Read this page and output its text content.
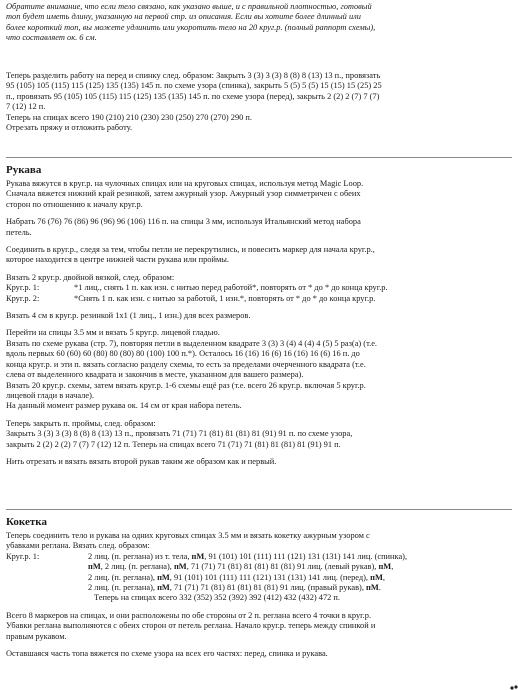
Обратите внимание, что если тело связано, как указано выше, и с правильной плотностью, готовый

топ будет иметь длину, указанную на первой стр. из описания. Если вы хотите более длинный или

более короткий топ, вы можете удлинить или укоротить тело на 20 круг.р. (полный раппорт схемы),

что составляет ок. 6 см.

Теперь разделить работу на перед и спинку след. образом: Закрыть 3 (3) 3 (3) 8 (8) 8 (13) 13 п., провязать

95 (105) 105 (115) 115 (125) 135 (135) 145 п. по схеме узора (спинка), закрыть 5 (5) 5 (5) 15 (15) 15 (25) 25

п., провязать 95 (105) 105 (115) 115 (125) 135 (135) 145 п. по схеме узора (перед), закрыть 2 (2) 2 (7) 7 (7)

7 (12) 12 п.

Теперь на спицах всего 190 (210) 210 (230) 230 (250) 270 (270) 290 п.

Отрезать пряжу и отложить работу.

Рукава

Рукава вяжутся в круг.р. на чулочных спицах или на круговых спицах, используя метод Magic Loop.

Сначала вяжется нижний край резинкой, затем ажурный узор. Ажурный узор симметричен с обеих

сторон по отношению к началу круг.р.

Набрать 76 (76) 76 (86) 96 (96) 96 (106) 116 п. на спицы 3 мм, используя Итальянский метод набора

петель.

Соединить в круг.р., следя за тем, чтобы петли не перекрутились, и повесить маркер для начала круг.р.,

которое находится в центре нижней части рукава или проймы.

Вязать 2 круг.р. двойной вязкой, след. образом:

Круг.р. 1:	*1 лиц., снять 1 п. как изн. с нитью перед работой*, повторять от * до * до конца круг.р.
Круг.р. 2:	*Снять 1 п. как изн. с нитью за работой, 1 изн.*, повторять от * до * до конца круг.р.

Вязать 4 см в круг.р. резинкой 1х1 (1 лиц., 1 изн.) для всех размеров.

Перейти на спицы 3.5 мм и вязать 5 круг.р. лицевой гладью.

Вязать по схеме рукава (стр. 7), повторяя петли в выделенном квадрате 3 (3) 3 (4) 4 (4) 4 (5) 5 раз(а) (т.е.

вдоль первых 60 (60) 60 (80) 80 (80) 80 (100) 100 п.*). Осталось 16 (16) 16 (6) 16 (16) 16 (6) 16 п. до

конца круг.р. и эти п. вязать согласно разделу схемы, то есть за пределами очерченного квадрата (т.е.

слева от выделенного квадрата и закончив в месте, указанном для вашего размера).

Вязать 20 круг.р. схемы, затем вязать круг.р. 1-6 схемы ещё раз (т.е. всего 26 круг.р. включая 5 круг.р.

лицевой глади в начале).

На данный момент размер рукава ок. 14 см от края набора петель.

Теперь закрыть п. проймы, след. образом:

Закрыть 3 (3) 3 (3) 8 (8) 8 (13) 13 п., провязать 71 (71) 71 (81) 81 (81) 81 (91) 91 п. по схеме узора,

закрыть 2 (2) 2 (2) 7 (7) 7 (12) 12 п. Теперь на спицах всего 71 (71) 71 (81) 81 (81) 81 (91) 91 п.

Нить отрезать и вязать вязать второй рукав таким же образом как и первый.

Кокетка

Теперь соединить тело и рукава на одних круговых спицах 3.5 мм и вязать кокетку ажурным узором с

убавками реглана. Вязать след. образом:

Круг.р. 1:	2 лиц. (п. реглана) из т. тела, пМ, 91 (101) 101 (111) 111 (121) 131 (131) 141 лиц. (спинка),

пМ, 2 лиц. (п. реглана), пМ, 71 (71) 71 (81) 81 (81) 81 (81) 91 лиц. (левый рукав), пМ,

2 лиц. (п. реглана), пМ, 91 (101) 101 (111) 111 (121) 131 (131) 141 лиц. (перед), пМ,

2 лиц. (п. реглана), пМ, 71 (71) 71 (81) 81 (81) 81 (81) 91 лиц. (правый рукав), пМ.

Теперь на спицах всего 332 (352) 352 (392) 392 (412) 432 (432) 472 п.

Всего 8 маркеров на спицах, и они расположены по обе стороны от 2 п. реглана всего 4 точки в круг.р.

Убавки реглана выполняются с обеих сторон от петель реглана. Начало круг.р. теперь между спинкой и

правым рукавом.

Оставшаяся часть топа вяжется по схеме узора на всех его частях: перед, спинка и рукава.
